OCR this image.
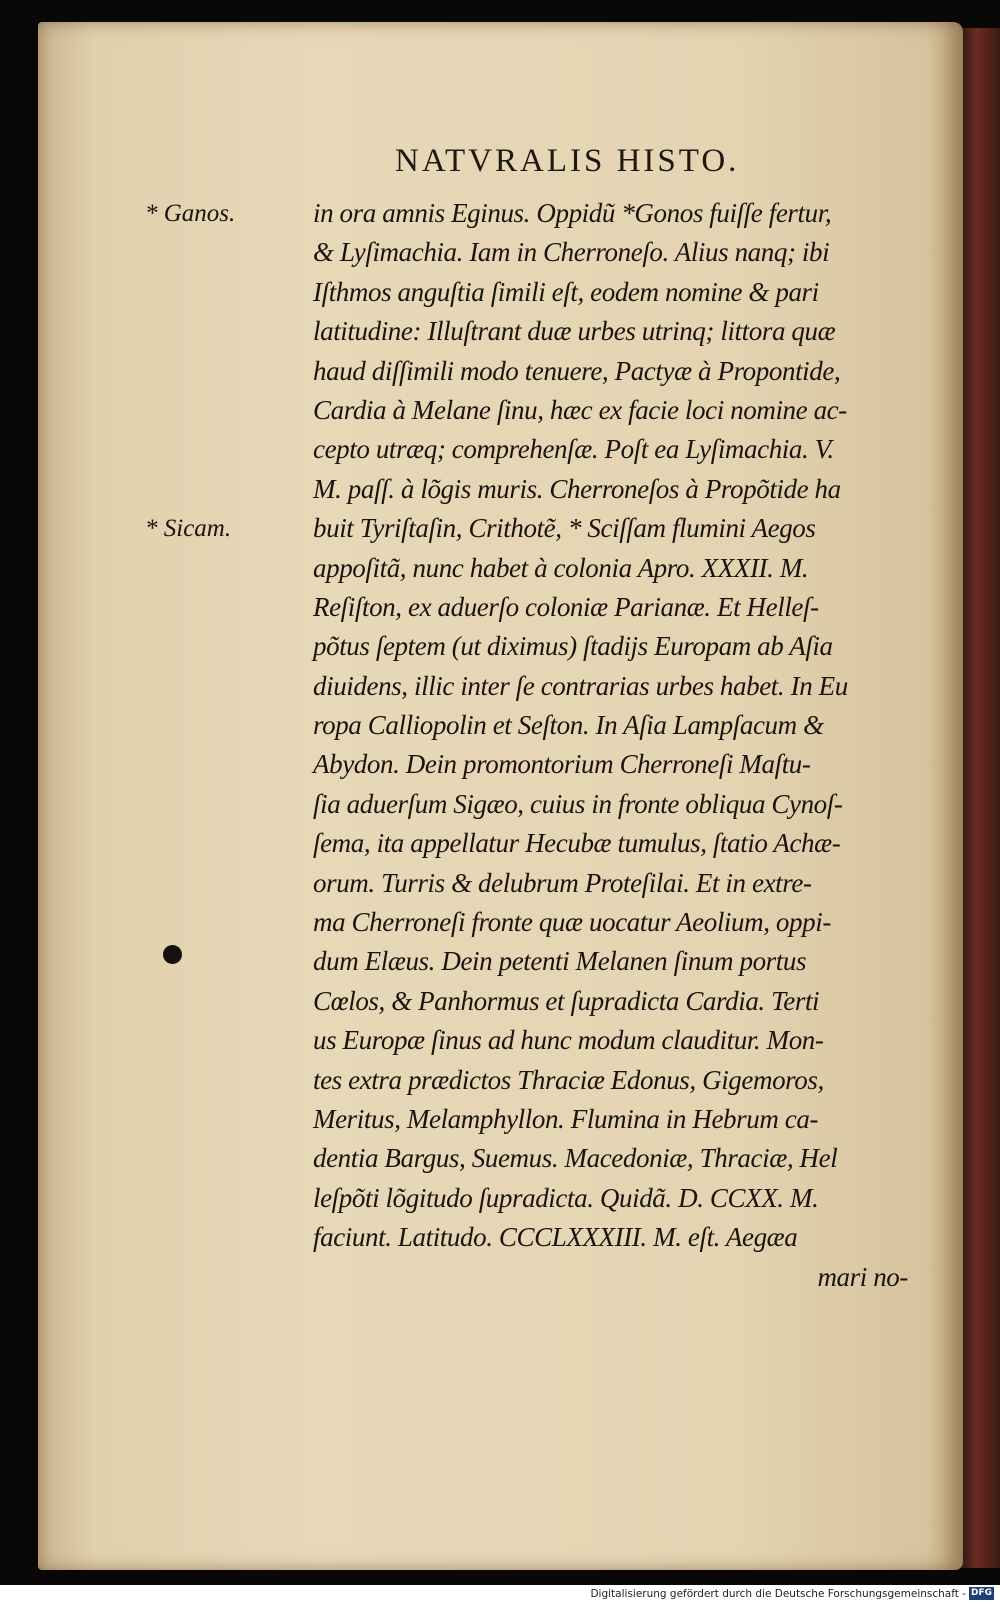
NATVRALIS HISTO.
* Ganos.
* Sicam.
in ora amnis Eginus. Oppidũ *Gonos fuiſſe fertur,
& Lyſimachia. Iam in Cherroneſo. Alius nanq; ibi
Iſthmos anguſtia ſimili eſt, eodem nomine & pari
latitudine: Illuſtrant duæ urbes utrinq; littora quæ
haud diſſimili modo tenuere, Pactyæ à Propontide,
Cardia à Melane ſinu, hæc ex facie loci nomine ac-
cepto utræq; comprehenſæ. Poſt ea Lyſimachia. V.
M. paſſ. à lõgis muris. Cherroneſos à Propõtide ha
buit Tyriſtaſin, Crithotẽ, * Sciſſam flumini Aegos
appoſitã, nunc habet à colonia Apro. XXXII. M.
Reſiſton, ex aduerſo coloniæ Parianæ. Et Helleſ-
põtus ſeptem (ut diximus) ſtadijs Europam ab Aſia
diuidens, illic inter ſe contrarias urbes habet. In Eu
ropa Calliopolin et Seſton. In Aſia Lampſacum &
Abydon. Dein promontorium Cherroneſi Maſtu-
ſia aduerſum Sigæo, cuius in fronte obliqua Cynoſ-
ſema, ita appellatur Hecubæ tumulus, ſtatio Achæ-
orum. Turris & delubrum Proteſilai. Et in extre-
ma Cherroneſi fronte quæ uocatur Aeolium, oppi-
dum Elæus. Dein petenti Melanen ſinum portus
Cœlos, & Panhormus et ſupradicta Cardia. Terti
us Europæ ſinus ad hunc modum clauditur. Mon-
tes extra prædictos Thraciæ Edonus, Gigemoros,
Meritus, Melamphyllon. Flumina in Hebrum ca-
dentia Bargus, Suemus. Macedoniæ, Thraciæ, Hel
leſpõti lõgitudo ſupradicta. Quidã. D. CCXX. M.
faciunt. Latitudo. CCCLXXXIII. M. eſt. Aegæa
mari no-
Digitalisierung gefördert durch die Deutsche Forschungsgemeinschaft - DFG
